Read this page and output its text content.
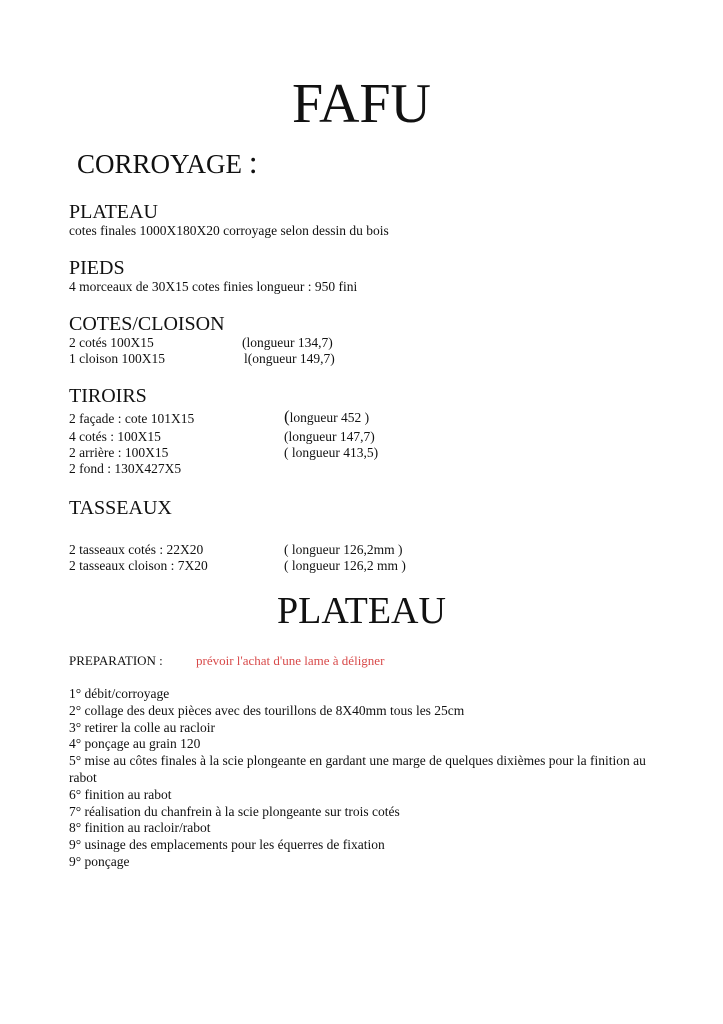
FAFU
CORROYAGE :
PLATEAU
cotes finales 1000X180X20 corroyage selon dessin du bois
PIEDS
4 morceaux de 30X15 cotes finies longueur : 950 fini
COTES/CLOISON
2 cotés 100X15	(longueur 134,7)
1 cloison 100X15	l(ongueur 149,7)
TIROIRS
2 façade : cote 101X15	(longueur 452 )
4 cotés : 100X15	(longueur 147,7)
2 arrière : 100X15	( longueur 413,5)
2 fond : 130X427X5
TASSEAUX
2 tasseaux cotés : 22X20	( longueur 126,2mm )
2 tasseaux cloison : 7X20	( longueur 126,2 mm )
PLATEAU
PREPARATION :	prévoir l'achat d'une lame à déligner
1° débit/corroyage
2° collage des deux pièces avec des tourillons de 8X40mm tous les 25cm
3° retirer la colle au racloir
4° ponçage au grain 120
5° mise au côtes finales à la scie plongeante en gardant une marge de quelques dixièmes pour la finition au rabot
6° finition au rabot
7° réalisation du chanfrein à la scie plongeante sur trois cotés
8° finition au racloir/rabot
9° usinage des emplacements pour les équerres de fixation
9° ponçage
